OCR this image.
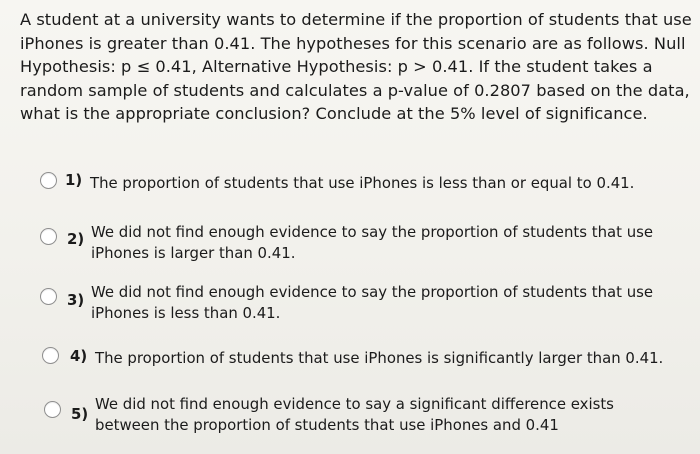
A student at a university wants to determine if the proportion of students that use iPhones is greater than 0.41. The hypotheses for this scenario are as follows. Null Hypothesis: p ≤ 0.41, Alternative Hypothesis: p > 0.41. If the student takes a random sample of students and calculates a p-value of 0.2807 based on the data, what is the appropriate conclusion? Conclude at the 5% level of significance.
1) The proportion of students that use iPhones is less than or equal to 0.41.
2) We did not find enough evidence to say the proportion of students that use iPhones is larger than 0.41.
3) We did not find enough evidence to say the proportion of students that use iPhones is less than 0.41.
4) The proportion of students that use iPhones is significantly larger than 0.41.
5)
We did not find enough evidence to say a significant difference exists between the proportion of students that use iPhones and 0.41
